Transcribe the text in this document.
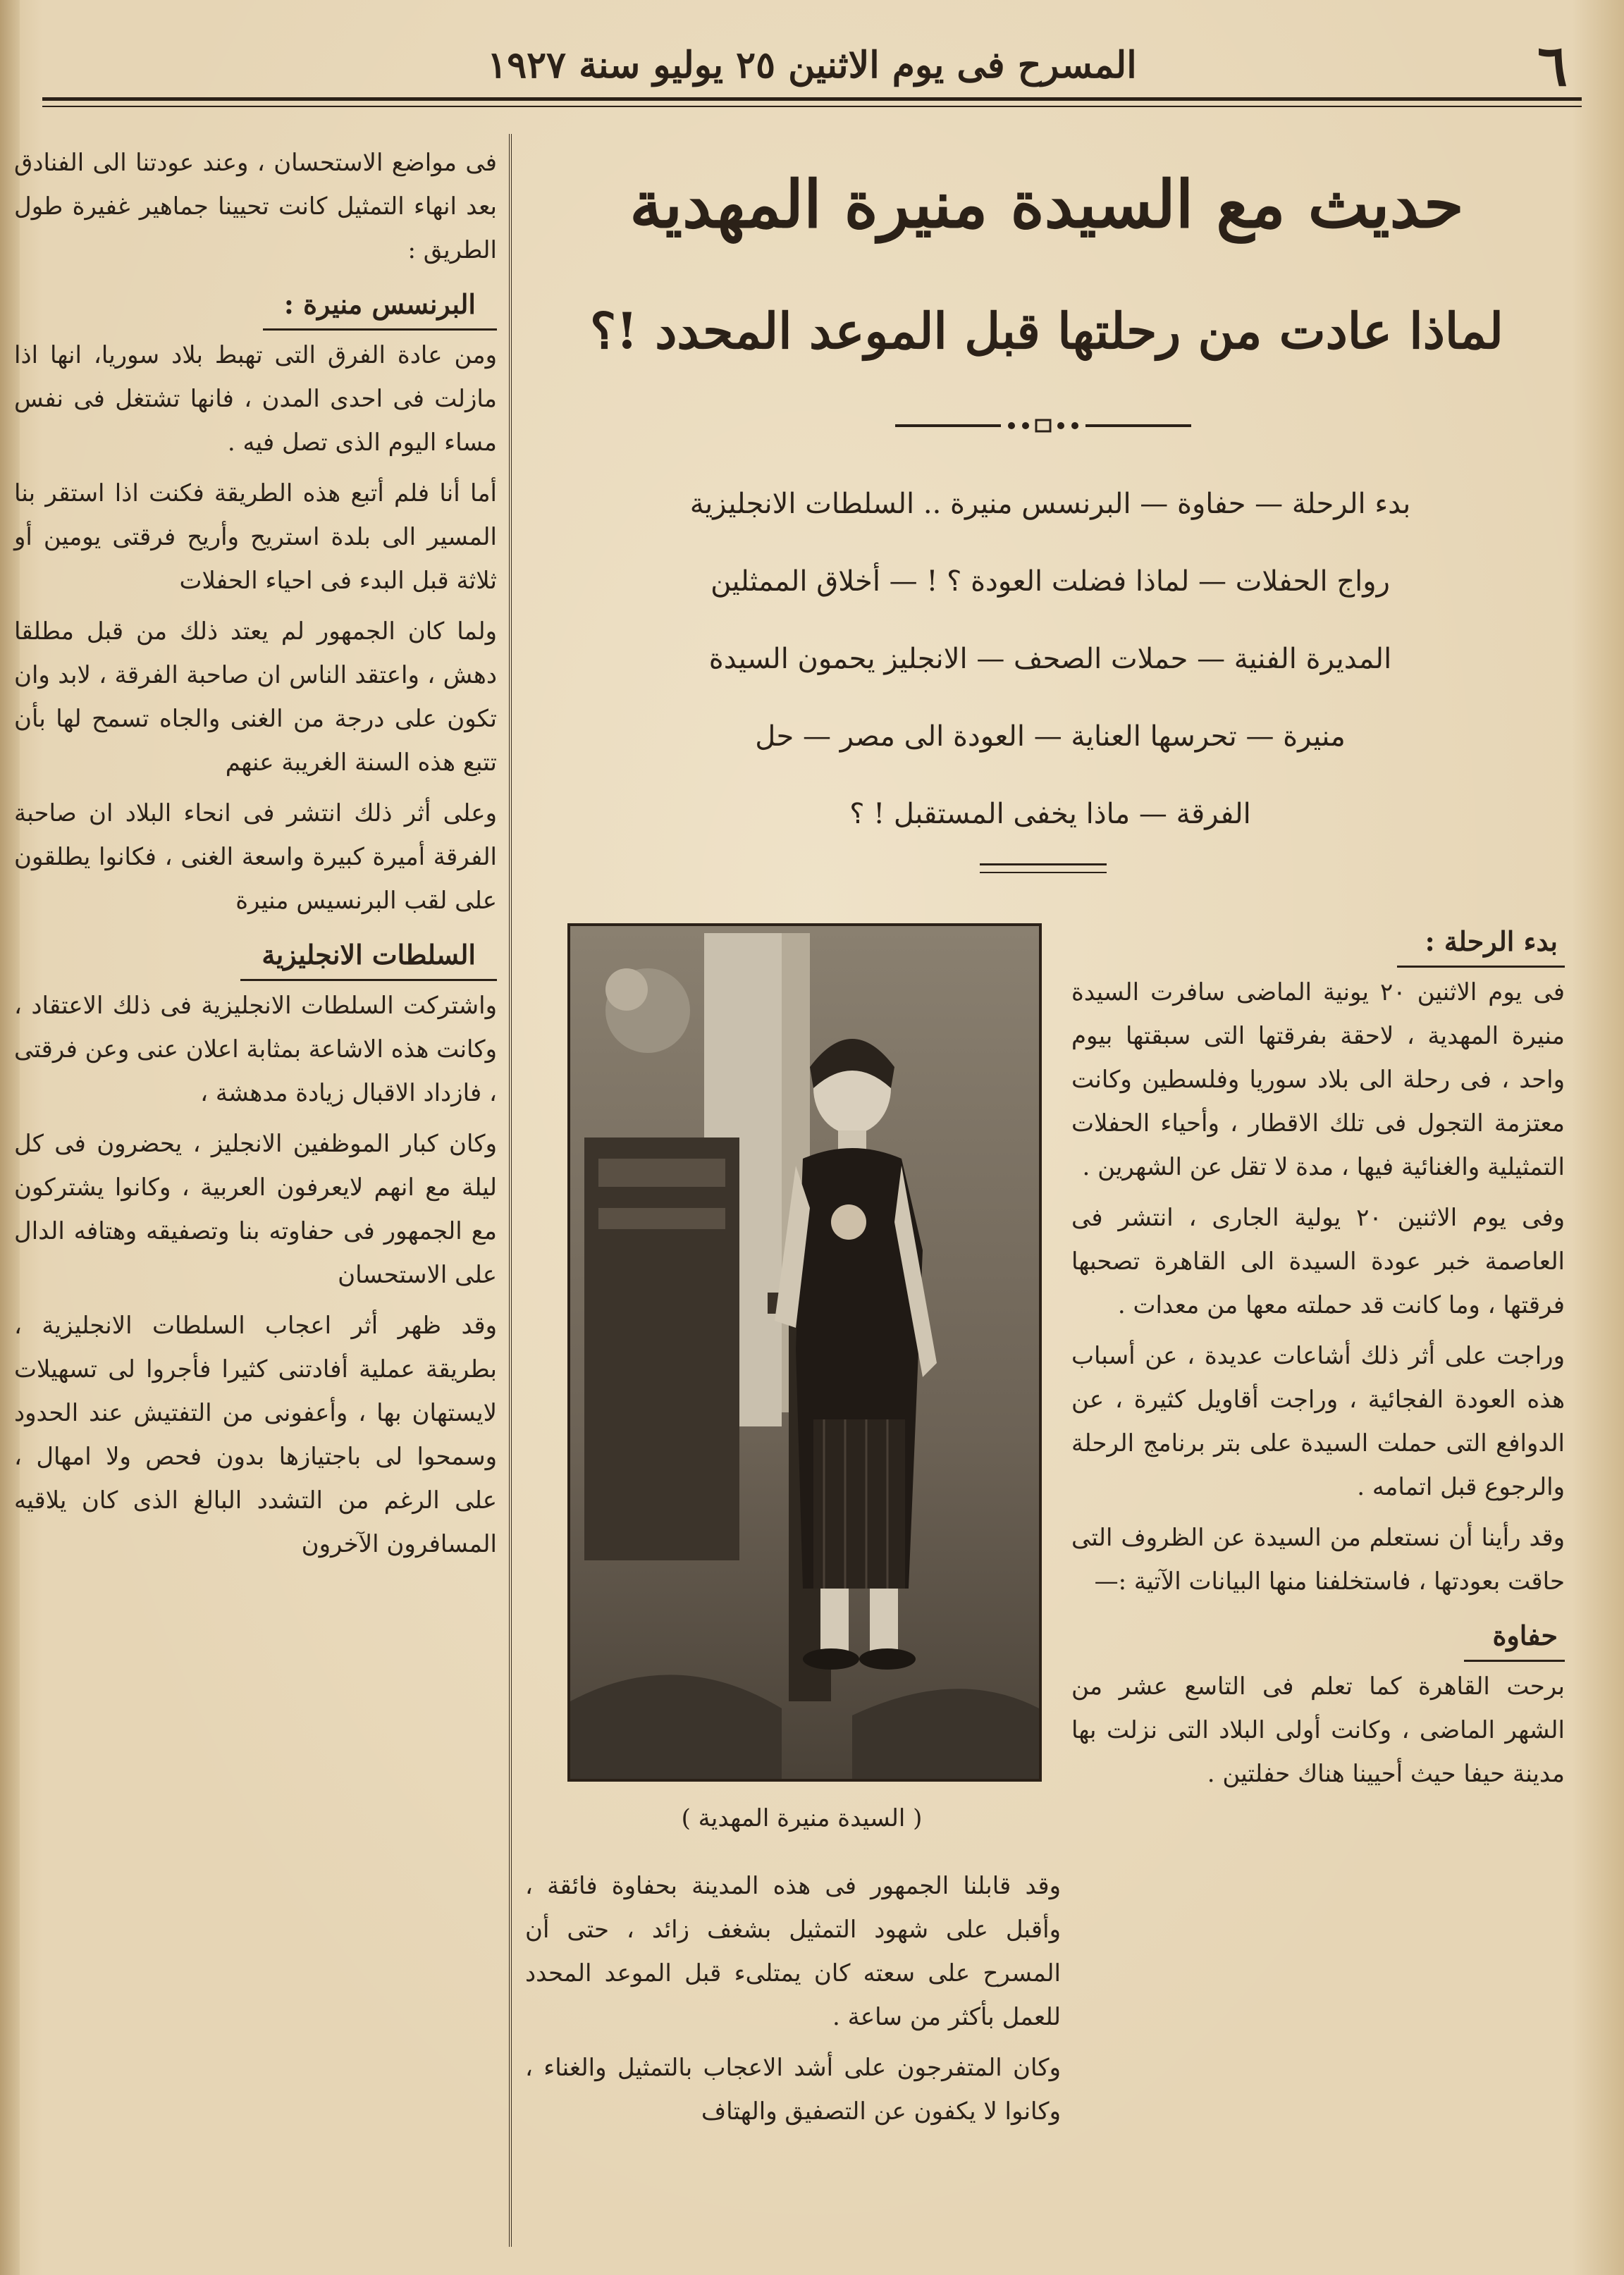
٦
المسرح فى يوم الاثنين ٢٥ يوليو سنة ١٩٢٧

فى مواضع الاستحسان ، وعند عودتنا الى الفنادق بعد انهاء التمثيل كانت تحيينا جماهير غفيرة طول الطريق :

البرنسس منيرة :

ومن عادة الفرق التى تهبط بلاد سوريا، انها اذا مازلت فى احدى المدن ، فانها تشتغل فى نفس مساء اليوم الذى تصل فيه .

أما أنا فلم أتبع هذه الطريقة فكنت اذا استقر بنا المسير الى بلدة استريح وأريح فرقتى يومين أو ثلاثة قبل البدء فى احياء الحفلات

ولما كان الجمهور لم يعتد ذلك من قبل مطلقا دهش ، واعتقد الناس ان صاحبة الفرقة ، لابد وان تكون على درجة من الغنى والجاه تسمح لها بأن تتبع هذه السنة الغريبة عنهم

وعلى أثر ذلك انتشر فى انحاء البلاد ان صاحبة الفرقة أميرة كبيرة واسعة الغنى ، فكانوا يطلقون على لقب البرنسيس منيرة

السلطات الانجليزية

واشتركت السلطات الانجليزية فى ذلك الاعتقاد ، وكانت هذه الاشاعة بمثابة اعلان عنى وعن فرقتى ، فازداد الاقبال زيادة مدهشة ،

وكان كبار الموظفين الانجليز ، يحضرون فى كل ليلة مع انهم لايعرفون العربية ، وكانوا يشتركون مع الجمهور فى حفاوته بنا وتصفيقه وهتافه الدال على الاستحسان

وقد ظهر أثر اعجاب السلطات الانجليزية ، بطريقة عملية أفادتنى كثيرا فأجروا لى تسهيلات لايستهان بها ، وأعفونى من التفتيش عند الحدود وسمحوا لى باجتيازها بدون فحص ولا امهال ، على الرغم من التشدد البالغ الذى كان يلاقيه المسافرون الآخرون

حديث مع السيدة منيرة المهدية
لماذا عادت من رحلتها قبل الموعد المحدد !؟
بدء الرحلة — حفاوة — البرنسس منيرة .. السلطات الانجليزية
رواج الحفلات — لماذا فضلت العودة ؟ ! — أخلاق الممثلين
المديرة الفنية — حملات الصحف — الانجليز يحمون السيدة
منيرة — تحرسها العناية — العودة الى مصر — حل
الفرقة — ماذا يخفى المستقبل ! ؟
( السيدة منيرة المهدية )

وقد قابلنا الجمهور فى هذه المدينة بحفاوة فائقة ، وأقبل على شهود التمثيل بشغف زائد ، حتى أن المسرح على سعته كان يمتلىء قبل الموعد المحدد للعمل بأكثر من ساعة .

وكان المتفرجون على أشد الاعجاب بالتمثيل والغناء ، وكانوا لا يكفون عن التصفيق والهتاف

بدء الرحلة :

فى يوم الاثنين ٢٠ يونية الماضى سافرت السيدة منيرة المهدية ، لاحقة بفرقتها التى سبقتها بيوم واحد ، فى رحلة الى بلاد سوريا وفلسطين وكانت معتزمة التجول فى تلك الاقطار ، وأحياء الحفلات التمثيلية والغنائية فيها ، مدة لا تقل عن الشهرين .

وفى يوم الاثنين ٢٠ يولية الجارى ، انتشر فى العاصمة خبر عودة السيدة الى القاهرة تصحبها فرقتها ، وما كانت قد حملته معها من معدات .

وراجت على أثر ذلك أشاعات عديدة ، عن أسباب هذه العودة الفجائية ، وراجت أقاويل كثيرة ، عن الدوافع التى حملت السيدة على بتر برنامج الرحلة والرجوع قبل اتمامه .

وقد رأينا أن نستعلم من السيدة عن الظروف التى حاقت بعودتها ، فاستخلفنا منها البيانات الآتية :—

حفاوة

برحت القاهرة كما تعلم فى التاسع عشر من الشهر الماضى ، وكانت أولى البلاد التى نزلت بها مدينة حيفا حيث أحيينا هناك حفلتين .
